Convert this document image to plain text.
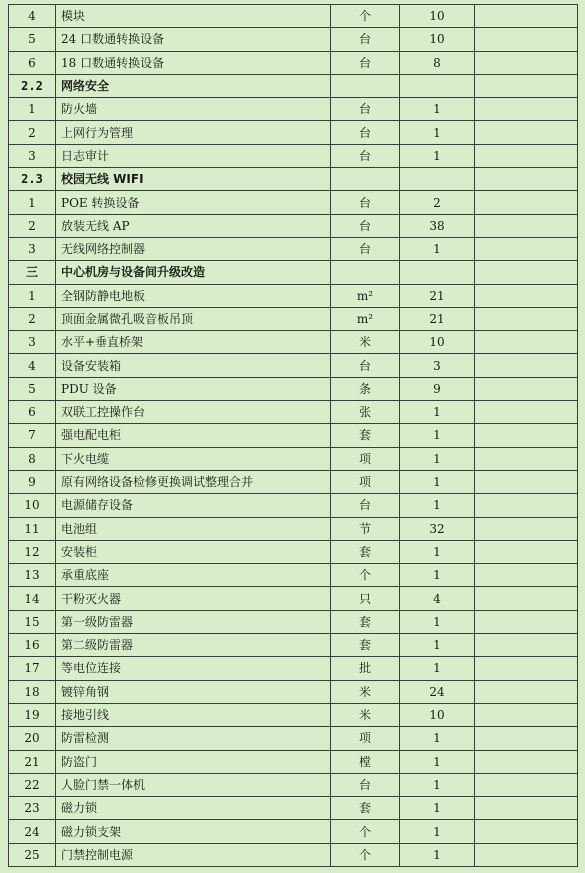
4	模块	个	10	
5	24 口数通转换设备	台	10	
6	18 口数通转换设备	台	8	
2.2	网络安全			
1	防火墙	台	1	
2	上网行为管理	台	1	
3	日志审计	台	1	
2.3	校园无线 WIFI			
1	POE 转换设备	台	2	
2	放装无线 AP	台	38	
3	无线网络控制器	台	1	
三	中心机房与设备间升级改造			
1	全钢防静电地板	m²	21	
2	顶面金属微孔吸音板吊顶	m²	21	
3	水平+垂直桥架	米	10	
4	设备安装箱	台	3	
5	PDU 设备	条	9	
6	双联工控操作台	张	1	
7	强电配电柜	套	1	
8	下火电缆	项	1	
9	原有网络设备检修更换调试整理合并	项	1	
10	电源储存设备	台	1	
11	电池组	节	32	
12	安装柜	套	1	
13	承重底座	个	1	
14	干粉灭火器	只	4	
15	第一级防雷器	套	1	
16	第二级防雷器	套	1	
17	等电位连接	批	1	
18	镀锌角钢	米	24	
19	接地引线	米	10	
20	防雷检测	项	1	
21	防盗门	樘	1	
22	人脸门禁一体机	台	1	
23	磁力锁	套	1	
24	磁力锁支架	个	1	
25	门禁控制电源	个	1	
